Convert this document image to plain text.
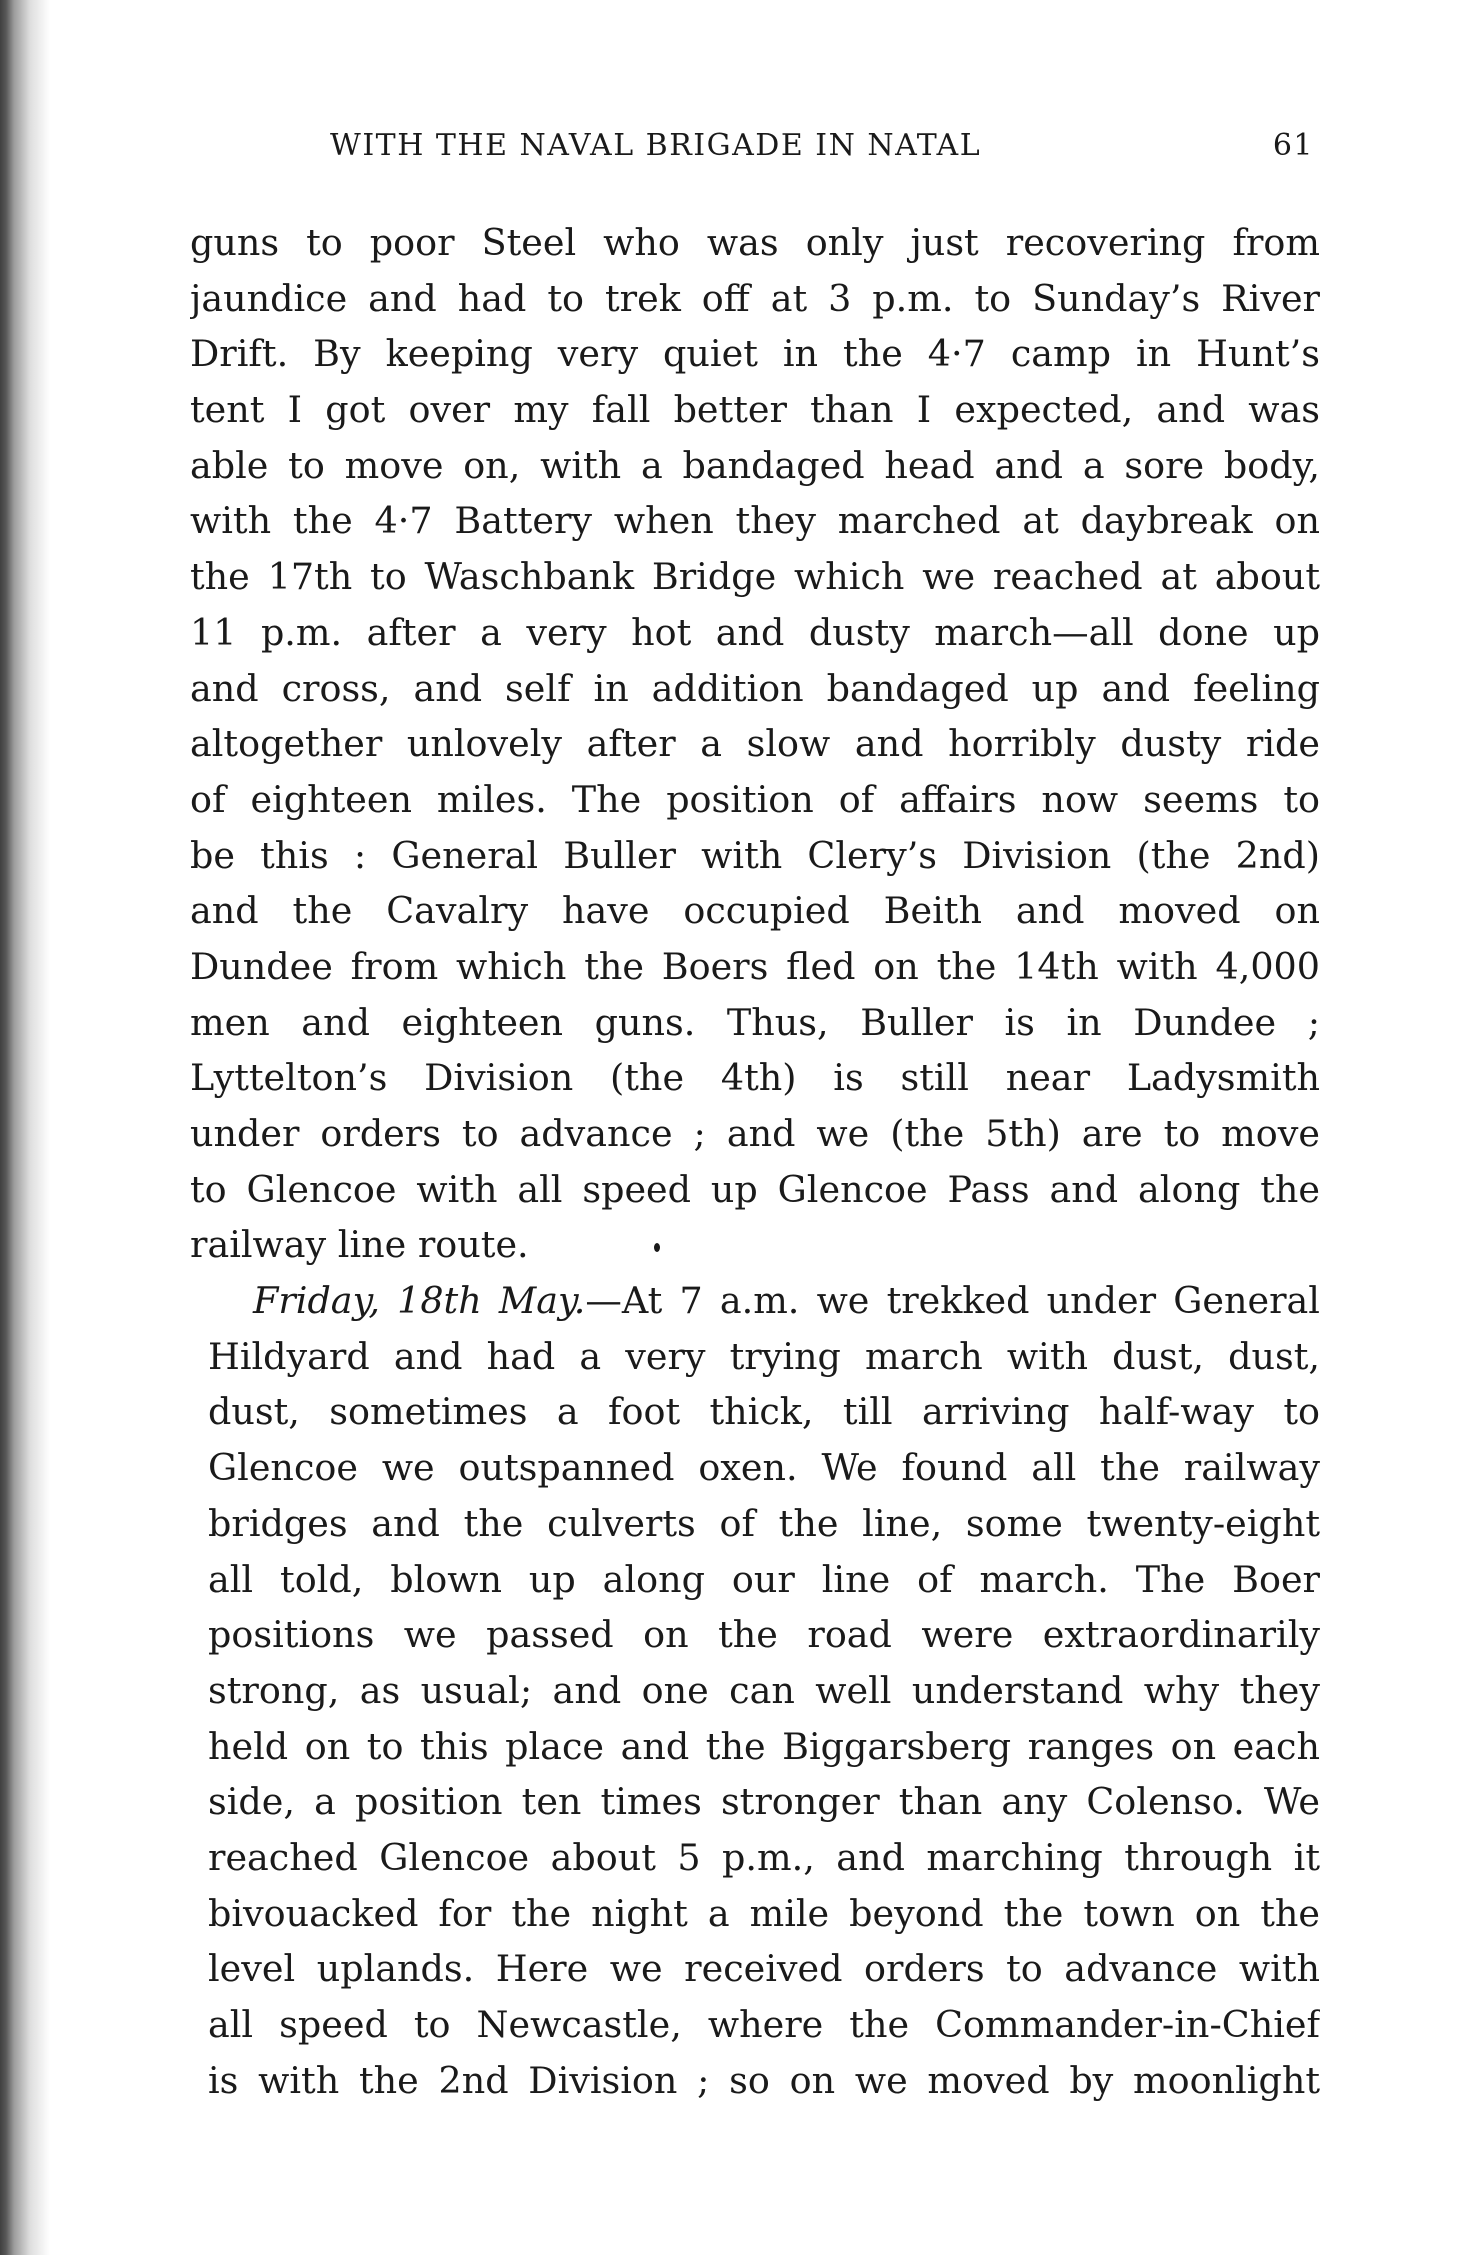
WITH THE NAVAL BRIGADE IN NATAL	61
guns to poor Steel who was only just recovering from
jaundice and had to trek off at 3 p.m. to Sunday’s River
Drift. By keeping very quiet in the 4·7 camp in Hunt’s
tent I got over my fall better than I expected, and was
able to move on, with a bandaged head and a sore body,
with the 4·7 Battery when they marched at daybreak on
the 17th to Waschbank Bridge which we reached at about
11 p.m. after a very hot and dusty march—all done up
and cross, and self in addition bandaged up and feeling
altogether unlovely after a slow and horribly dusty ride
of eighteen miles. The position of affairs now seems to
be this : General Buller with Clery’s Division (the 2nd)
and the Cavalry have occupied Beith and moved on
Dundee from which the Boers fled on the 14th with 4,000
men and eighteen guns. Thus, Buller is in Dundee ;
Lyttelton’s Division (the 4th) is still near Ladysmith
under orders to advance ; and we (the 5th) are to move
to Glencoe with all speed up Glencoe Pass and along the
railway line route.
Friday, 18th May.—At 7 a.m. we trekked under General
Hildyard and had a very trying march with dust, dust,
dust, sometimes a foot thick, till arriving half-way to
Glencoe we outspanned oxen. We found all the railway
bridges and the culverts of the line, some twenty-eight
all told, blown up along our line of march. The Boer
positions we passed on the road were extraordinarily
strong, as usual; and one can well understand why they
held on to this place and the Biggarsberg ranges on each
side, a position ten times stronger than any Colenso. We
reached Glencoe about 5 p.m., and marching through it
bivouacked for the night a mile beyond the town on the
level uplands. Here we received orders to advance with
all speed to Newcastle, where the Commander-in-Chief
is with the 2nd Division ; so on we moved by moonlight
